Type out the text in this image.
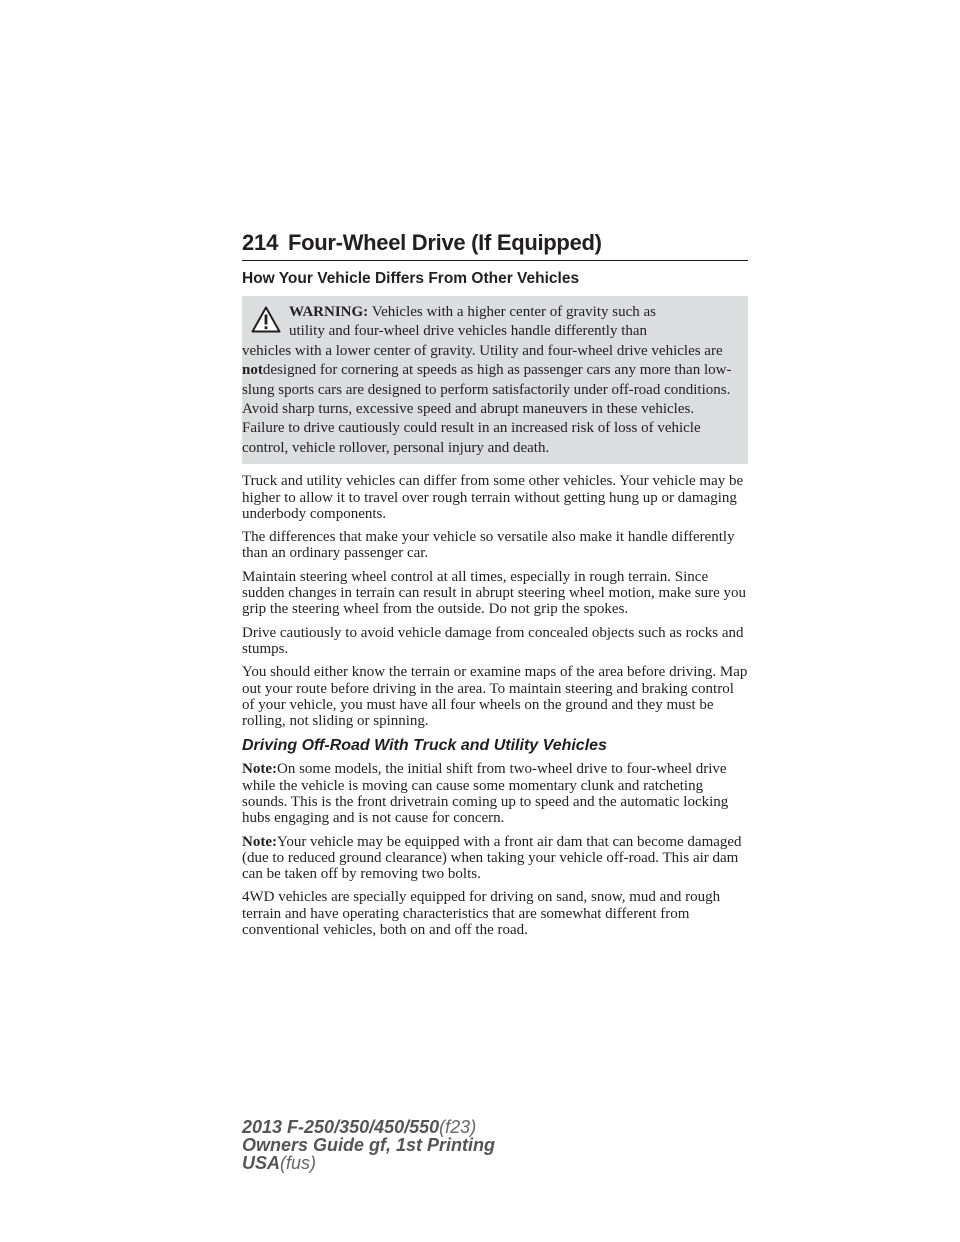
214 Four-Wheel Drive (If Equipped)
How Your Vehicle Differs From Other Vehicles
WARNING: Vehicles with a higher center of gravity such as
utility and four-wheel drive vehicles handle differently than
vehicles with a lower center of gravity. Utility and four-wheel drive vehicles are notdesigned for cornering at speeds as high as passenger cars any more than low-slung sports cars are designed to perform satisfactorily under off-road conditions. Avoid sharp turns, excessive speed and abrupt maneuvers in these vehicles. Failure to drive cautiously could result in an increased risk of loss of vehicle control, vehicle rollover, personal injury and death.

Truck and utility vehicles can differ from some other vehicles. Your vehicle may be higher to allow it to travel over rough terrain without getting hung up or damaging underbody components.

The differences that make your vehicle so versatile also make it handle differently than an ordinary passenger car.

Maintain steering wheel control at all times, especially in rough terrain. Since sudden changes in terrain can result in abrupt steering wheel motion, make sure you grip the steering wheel from the outside. Do not grip the spokes.

Drive cautiously to avoid vehicle damage from concealed objects such as rocks and stumps.

You should either know the terrain or examine maps of the area before driving. Map out your route before driving in the area. To maintain steering and braking control of your vehicle, you must have all four wheels on the ground and they must be rolling, not sliding or spinning.

Driving Off-Road With Truck and Utility Vehicles

Note:On some models, the initial shift from two-wheel drive to four-wheel drive while the vehicle is moving can cause some momentary clunk and ratcheting sounds. This is the front drivetrain coming up to speed and the automatic locking hubs engaging and is not cause for concern.

Note:Your vehicle may be equipped with a front air dam that can become damaged (due to reduced ground clearance) when taking your vehicle off-road. This air dam can be taken off by removing two bolts.

4WD vehicles are specially equipped for driving on sand, snow, mud and rough terrain and have operating characteristics that are somewhat different from conventional vehicles, both on and off the road.

2013 F-250/350/450/550(f23)
Owners Guide gf, 1st Printing
USA(fus)
